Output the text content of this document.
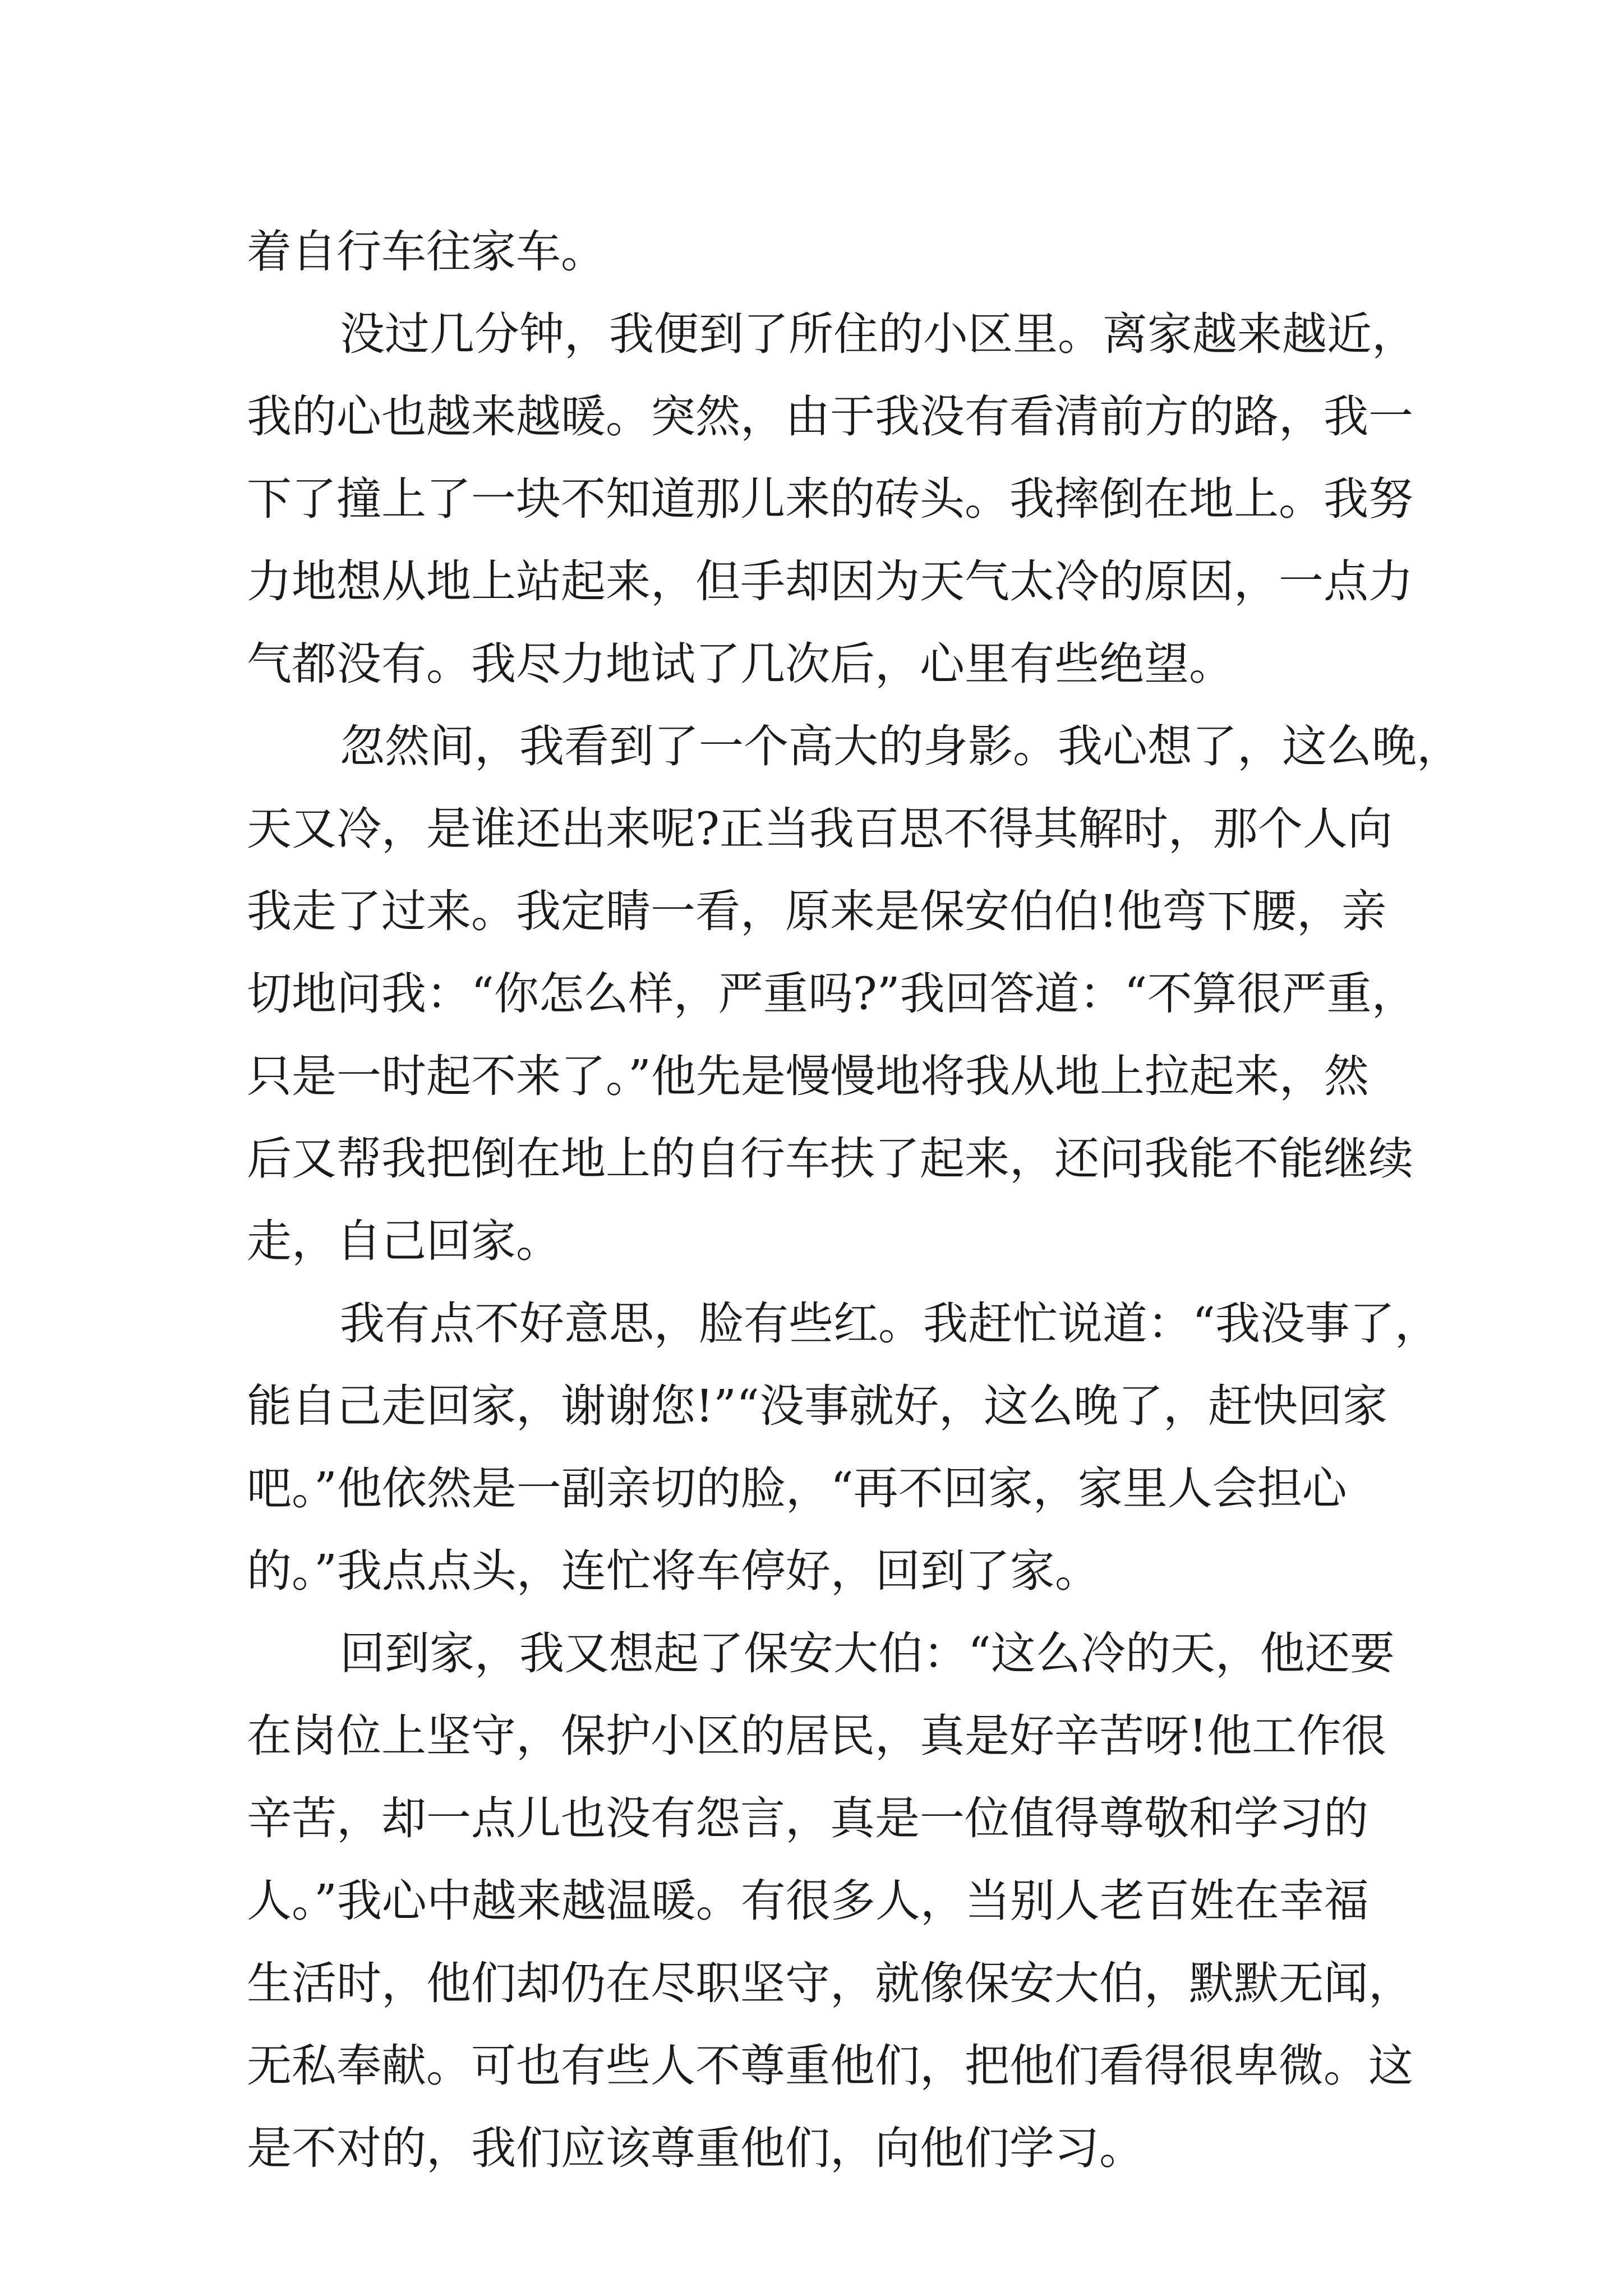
着自行车往家车。
没过几分钟，我便到了所住的小区里。离家越来越近，
我的心也越来越暖。突然，由于我没有看清前方的路，我一
下了撞上了一块不知道那儿来的砖头。我摔倒在地上。我努
力地想从地上站起来，但手却因为天气太冷的原因，一点力
气都没有。我尽力地试了几次后，心里有些绝望。
忽然间，我看到了一个高大的身影。我心想了，这么晚，
天又冷，是谁还出来呢?正当我百思不得其解时，那个人向
我走了过来。我定睛一看，原来是保安伯伯!他弯下腰，亲
切地问我：“你怎么样，严重吗?”我回答道：“不算很严重，
只是一时起不来了。”他先是慢慢地将我从地上拉起来，然
后又帮我把倒在地上的自行车扶了起来，还问我能不能继续
走，自己回家。
我有点不好意思，脸有些红。我赶忙说道：“我没事了，
能自己走回家，谢谢您!”“没事就好，这么晚了，赶快回家
吧。”他依然是一副亲切的脸，“再不回家，家里人会担心
的。”我点点头，连忙将车停好，回到了家。
回到家，我又想起了保安大伯：“这么冷的天，他还要
在岗位上坚守，保护小区的居民，真是好辛苦呀!他工作很
辛苦，却一点儿也没有怨言，真是一位值得尊敬和学习的
人。”我心中越来越温暖。有很多人，当别人老百姓在幸福
生活时，他们却仍在尽职坚守，就像保安大伯，默默无闻，
无私奉献。可也有些人不尊重他们，把他们看得很卑微。这
是不对的，我们应该尊重他们，向他们学习。
